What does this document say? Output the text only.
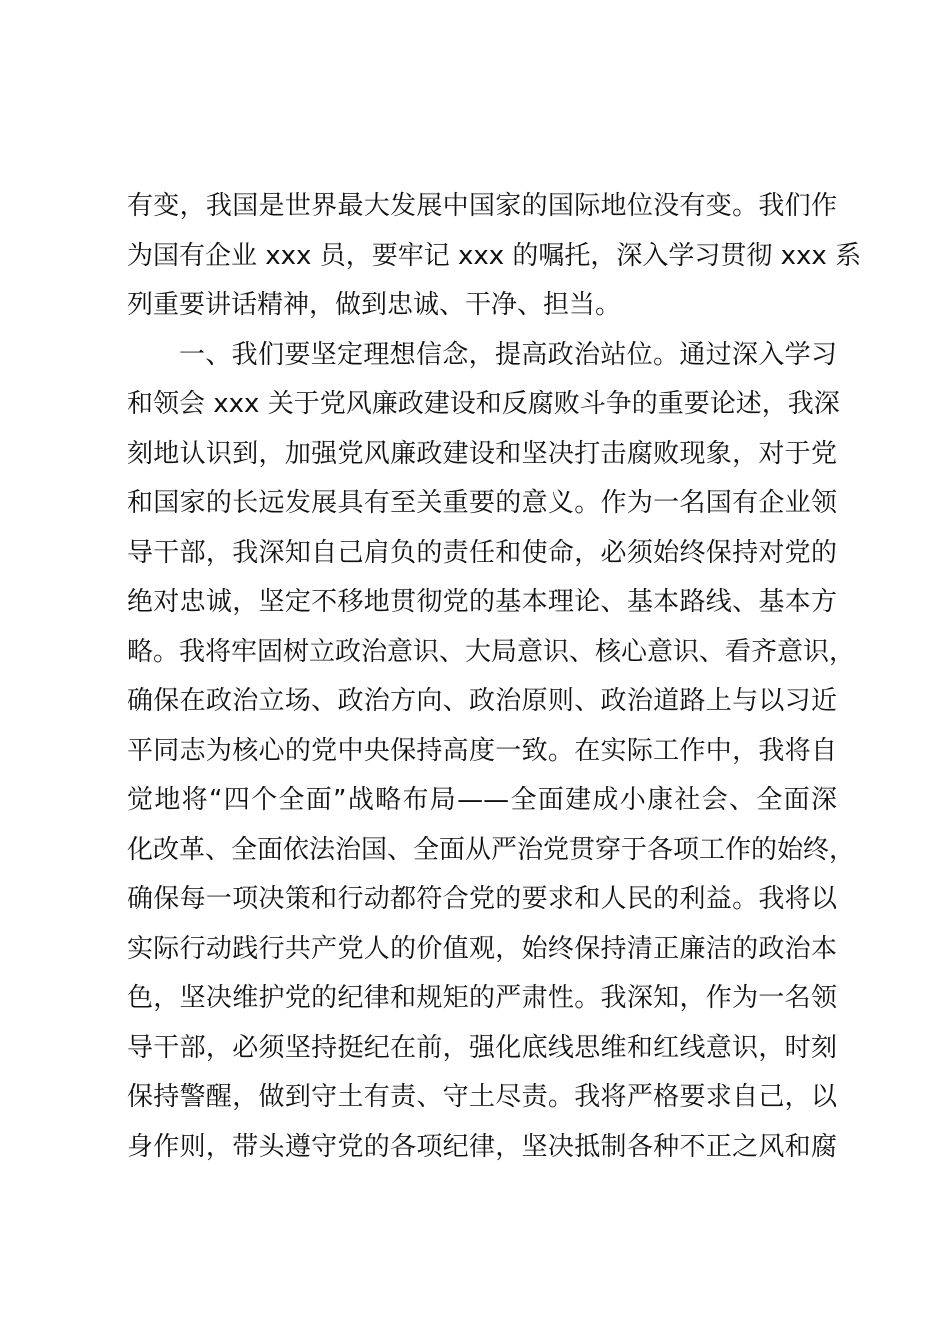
有变，我国是世界最大发展中国家的国际地位没有变。我们作
为国有企业 xxx 员，要牢记 xxx 的嘱托，深入学习贯彻 xxx 系
列重要讲话精神，做到忠诚、干净、担当。
一、我们要坚定理想信念，提高政治站位。通过深入学习
和领会 xxx 关于党风廉政建设和反腐败斗争的重要论述，我深
刻地认识到，加强党风廉政建设和坚决打击腐败现象，对于党
和国家的长远发展具有至关重要的意义。作为一名国有企业领
导干部，我深知自己肩负的责任和使命，必须始终保持对党的
绝对忠诚，坚定不移地贯彻党的基本理论、基本路线、基本方
略。我将牢固树立政治意识、大局意识、核心意识、看齐意识，
确保在政治立场、政治方向、政治原则、政治道路上与以习近
平同志为核心的党中央保持高度一致。在实际工作中，我将自
觉地将“四个全面”战略布局——全面建成小康社会、全面深
化改革、全面依法治国、全面从严治党贯穿于各项工作的始终，
确保每一项决策和行动都符合党的要求和人民的利益。我将以
实际行动践行共产党人的价值观，始终保持清正廉洁的政治本
色，坚决维护党的纪律和规矩的严肃性。我深知，作为一名领
导干部，必须坚持挺纪在前，强化底线思维和红线意识，时刻
保持警醒，做到守土有责、守土尽责。我将严格要求自己，以
身作则，带头遵守党的各项纪律，坚决抵制各种不正之风和腐
